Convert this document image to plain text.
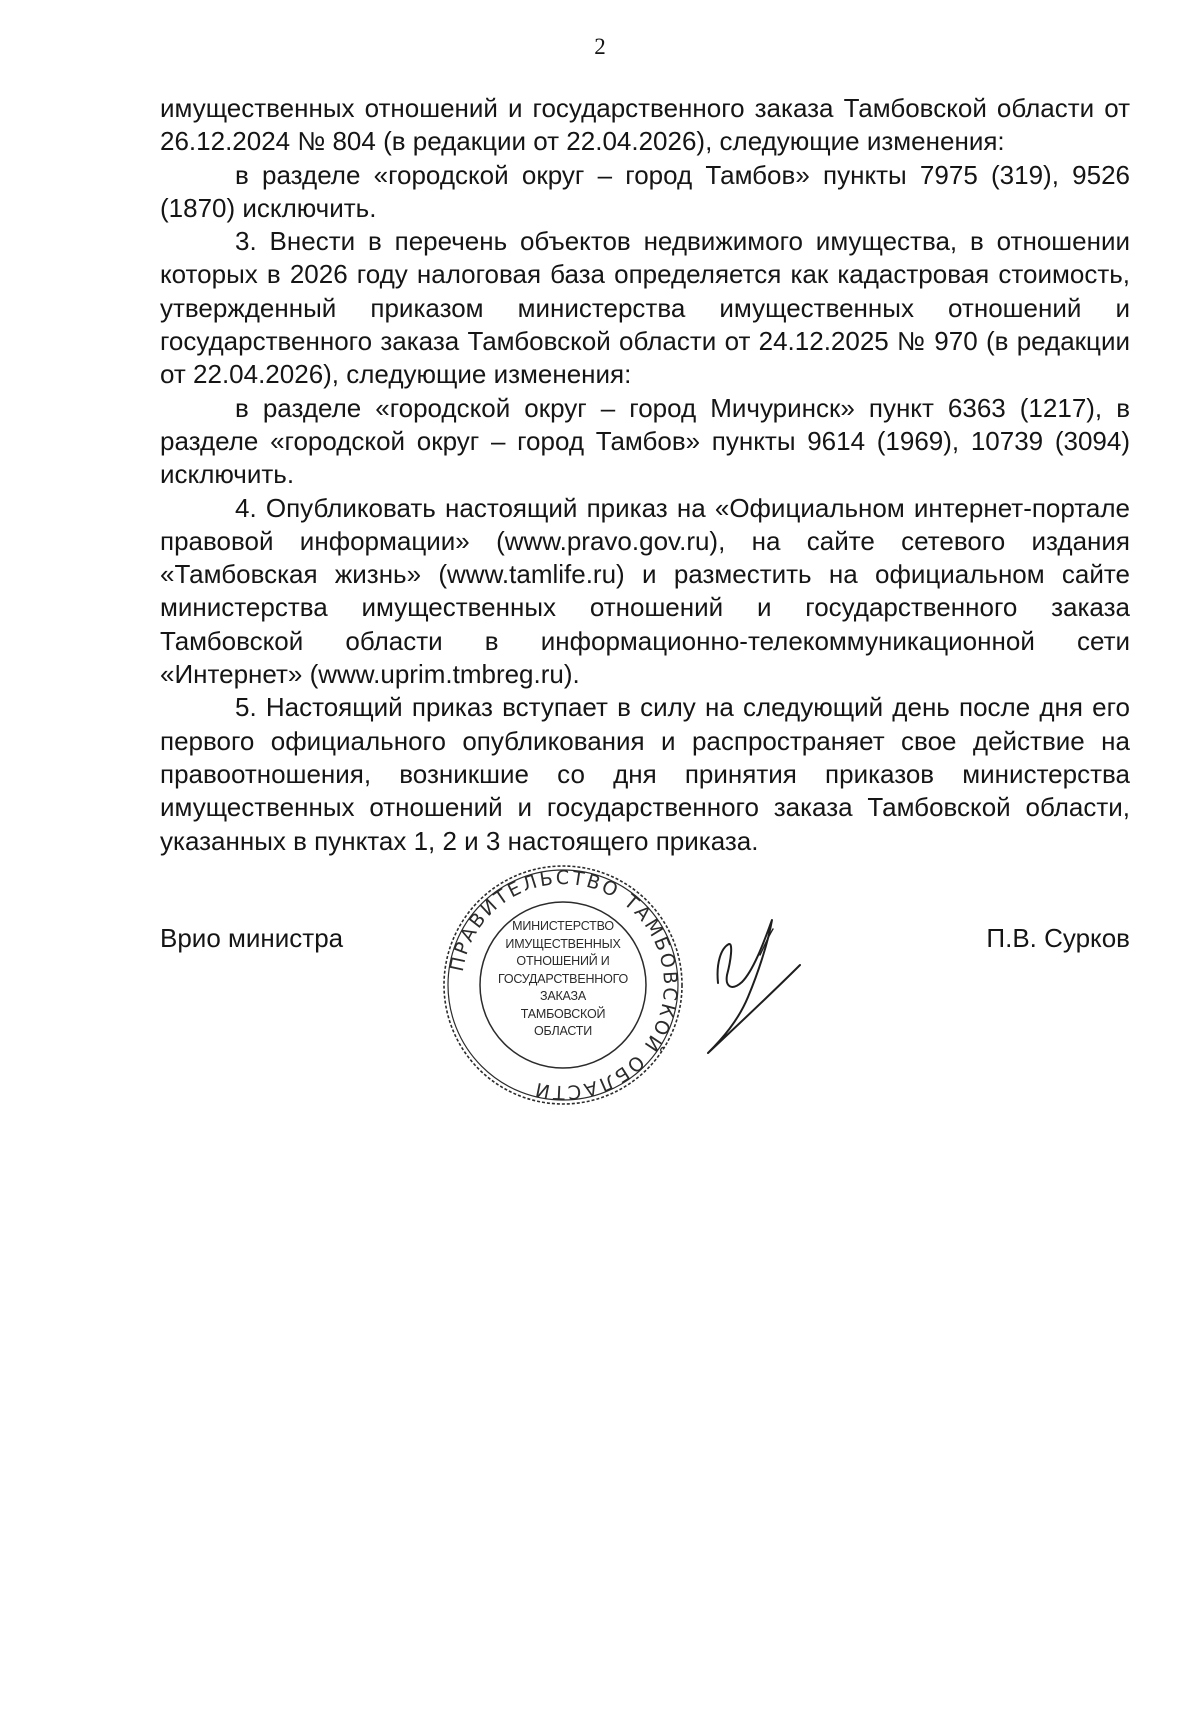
2

имущественных отношений и государственного заказа Тамбовской области от 26.12.2024 № 804 (в редакции от 22.04.2026), следующие изменения:

в разделе «городской округ – город Тамбов» пункты 7975 (319), 9526 (1870) исключить.

3. Внести в перечень объектов недвижимого имущества, в отношении которых в 2026 году налоговая база определяется как кадастровая стоимость, утвержденный приказом министерства имущественных отношений и государственного заказа Тамбовской области от 24.12.2025 № 970 (в редакции от 22.04.2026), следующие изменения:

в разделе «городской округ – город Мичуринск» пункт 6363 (1217), в разделе «городской округ – город Тамбов» пункты 9614 (1969), 10739 (3094) исключить.

4. Опубликовать настоящий приказ на «Официальном интернет-портале правовой информации» (www.pravo.gov.ru), на сайте сетевого издания «Тамбовская жизнь» (www.tamlife.ru) и разместить на официальном сайте министерства имущественных отношений и государственного заказа Тамбовской области в информационно-телекоммуникационной сети «Интернет» (www.uprim.tmbreg.ru).

5. Настоящий приказ вступает в силу на следующий день после дня его первого официального опубликования и распространяет свое действие на правоотношения, возникшие со дня принятия приказов министерства имущественных отношений и государственного заказа Тамбовской области, указанных в пунктах 1, 2 и 3 настоящего приказа.

Врио министра
ПРАВИТЕЛЬСТВО ТАМБОВСКОЙ ОБЛАСТИ
МИНИСТЕРСТВО
ИМУЩЕСТВЕННЫХ
ОТНОШЕНИЙ И
ГОСУДАРСТВЕННОГО
ЗАКАЗА
ТАМБОВСКОЙ
ОБЛАСТИ
П.В. Сурков
